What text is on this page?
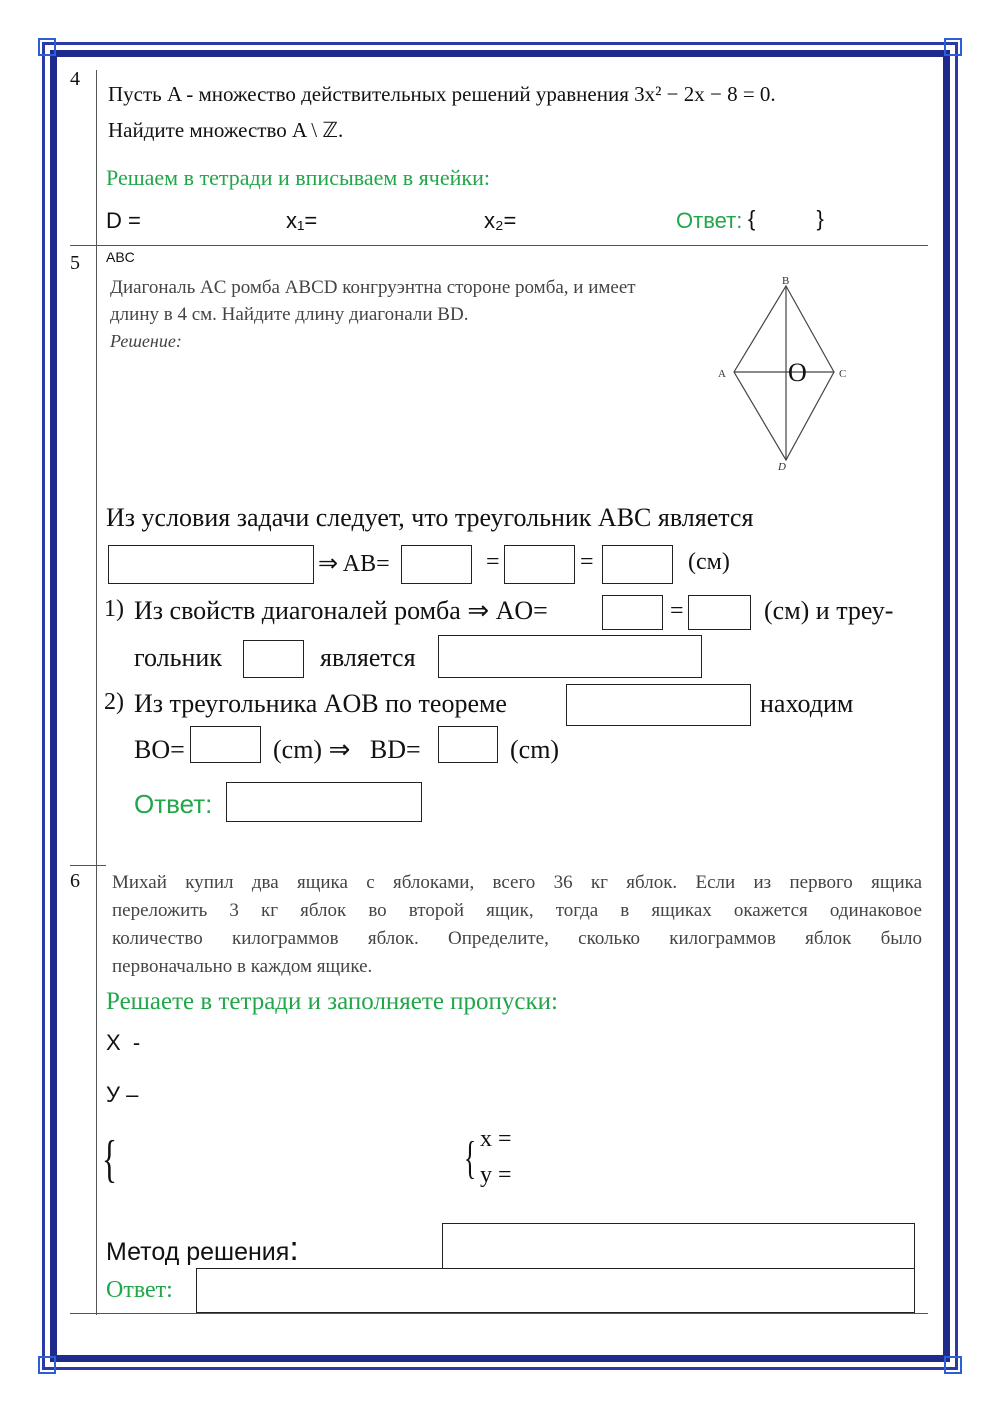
4
Пусть A - множество действительных решений уравнения 3x² − 2x − 8 = 0.
Найдите множество A \ ℤ.
Решаем в тетради и вписываем в ячейки:
D =	x₁=	x₂=	Ответ: {          }
5 ABC
Диагональ AC ромба ABCD конгруэнтна стороне ромба, и имеет
длину в 4 см. Найдите длину диагонали BD.
Решение:
B
A	C
D
O
Из условия задачи следует, что треугольник ABC является
⇒ AB=	=	=	(см)
1) Из свойств диагоналей ромба ⇒ AO=	=	(см) и треу-
гольник	является
2) Из треугольника AOB по теореме	находим
BO=	(cm) ⇒   BD=	(cm)
Ответ:
6 Михай купил два ящика с яблоками, всего 36 кг яблок. Если из первого ящика
переложить 3 кг яблок во второй ящик, тогда в ящиках окажется одинаковое
количество килограммов яблок. Определите, сколько килограммов яблок было
первоначально в каждом ящике.
Решаете в тетради и заполняете пропуски:
X  -
У –
{	{ x =
y =
Метод решения:
Ответ:
